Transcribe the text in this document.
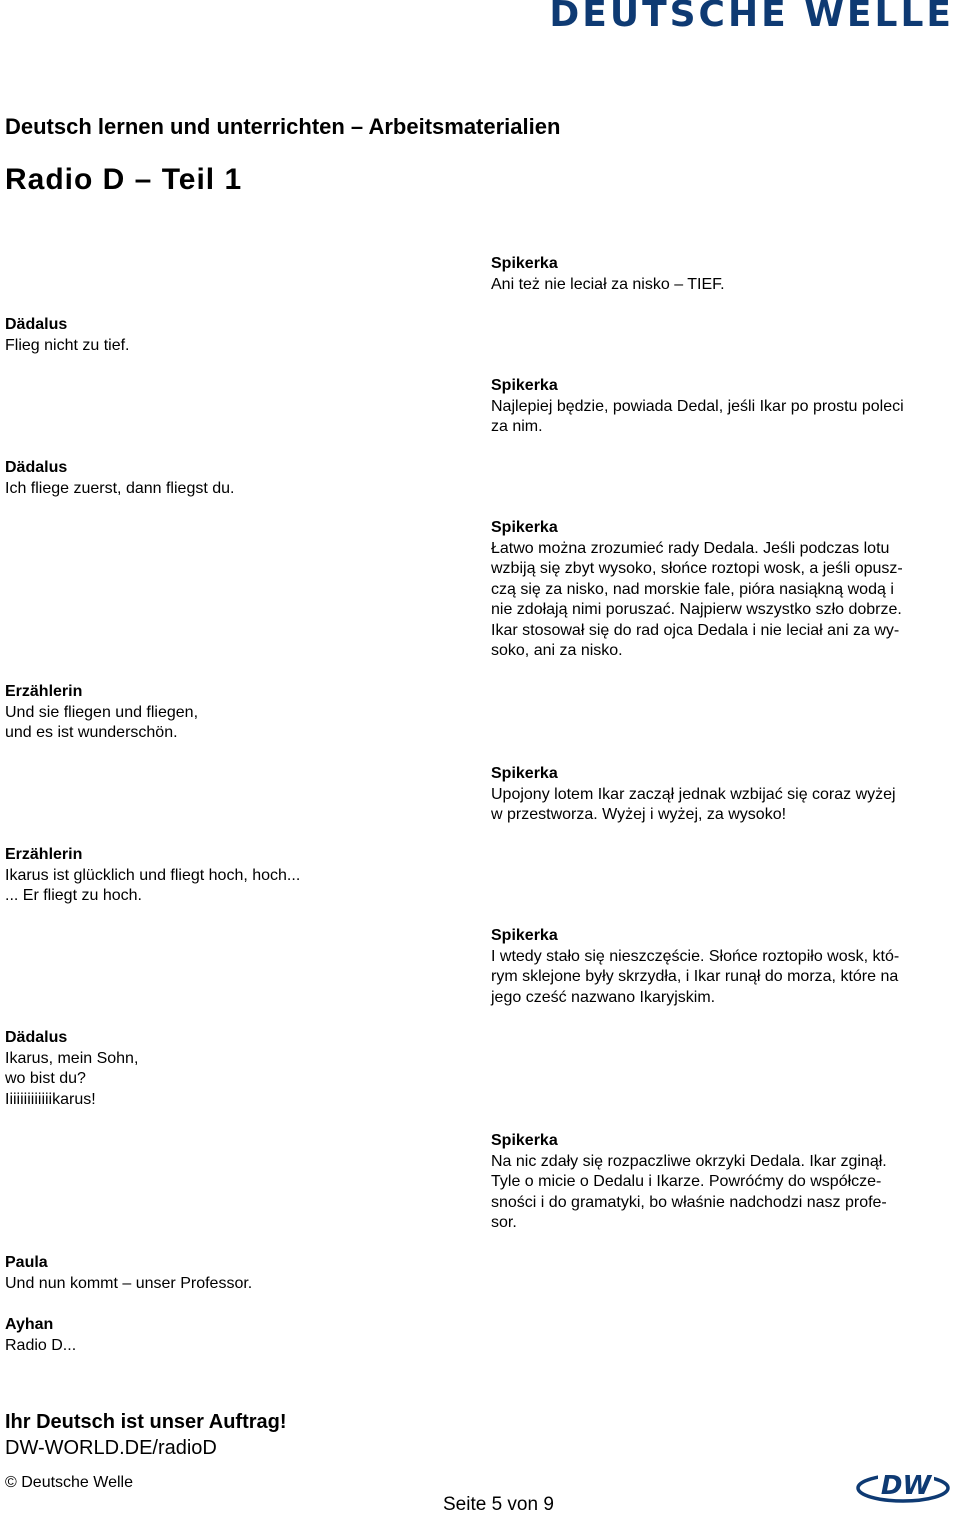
DEUTSCHE WELLE
Deutsch lernen und unterrichten – Arbeitsmaterialien
Radio D – Teil 1
Dädalus
Flieg nicht zu tief.
Dädalus
Ich fliege zuerst, dann fliegst du.
Erzählerin
Und sie fliegen und fliegen,
und es ist wunderschön.
Erzählerin
Ikarus ist glücklich und fliegt hoch, hoch...
... Er fliegt zu hoch.
Dädalus
Ikarus, mein Sohn,
wo bist du?
Iiiiiiiiiiiiikarus!
Paula
Und nun kommt – unser Professor.
Ayhan
Radio D...
Spikerka
Ani też nie leciał za nisko – TIEF.
Spikerka
Najlepiej będzie, powiada Dedal, jeśli Ikar po prostu poleci
za nim.
Spikerka
Łatwo można zrozumieć rady Dedala. Jeśli podczas lotu
wzbiją się zbyt wysoko, słońce roztopi wosk, a jeśli opusz-
czą się za nisko, nad morskie fale, pióra nasiąkną wodą i
nie zdołają nimi poruszać. Najpierw wszystko szło dobrze.
Ikar stosował się do rad ojca Dedala i nie leciał ani za wy-
soko, ani za nisko.
Spikerka
Upojony lotem Ikar zaczął jednak wzbijać się coraz wyżej
w przestworza. Wyżej i wyżej, za wysoko!
Spikerka
I wtedy stało się nieszczęście. Słońce roztopiło wosk, któ-
rym sklejone były skrzydła, i Ikar runął do morza, które na
jego cześć nazwano Ikaryjskim.
Spikerka
Na nic zdały się rozpaczliwe okrzyki Dedala. Ikar zginął.
Tyle o micie o Dedalu i Ikarze. Powróćmy do współcze-
sności i do gramatyki, bo właśnie nadchodzi nasz profe-
sor.
Ihr Deutsch ist unser Auftrag!
DW-WORLD.DE/radioD
© Deutsche Welle
Seite 5 von 9
DW
